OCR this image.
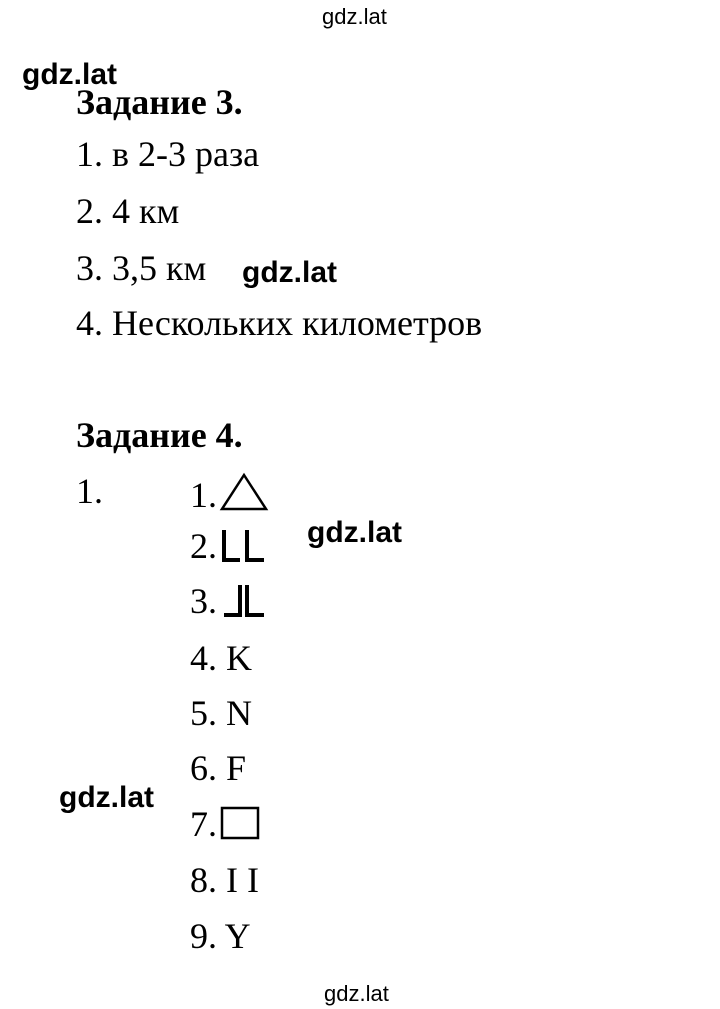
gdz.lat
gdz.lat
gdz.lat
gdz.lat
gdz.lat
gdz.lat
Задание 3.
1. в 2-3 раза
2. 4 км
3. 3,5 км
4. Нескольких километров
Задание 4.
1. 1.
2.
3.
4. K
5. N
6. F
7.
8. I I
9. Y
